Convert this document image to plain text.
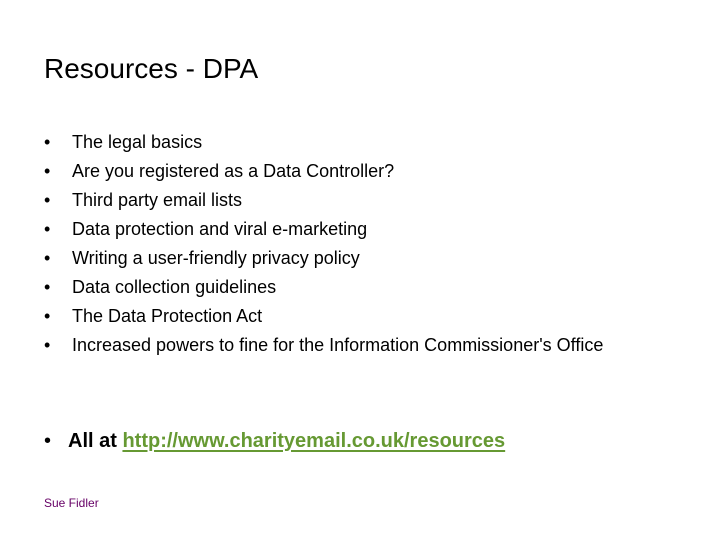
Resources - DPA
•	The legal basics
•	Are you registered as a Data Controller?
•	Third party email lists
•	Data protection and viral e-marketing
•	Writing a user-friendly privacy policy
•	Data collection guidelines
•	The Data Protection Act
•	Increased powers to fine for the Information Commissioner's Office
• All at http://www.charityemail.co.uk/resources
Sue Fidler
